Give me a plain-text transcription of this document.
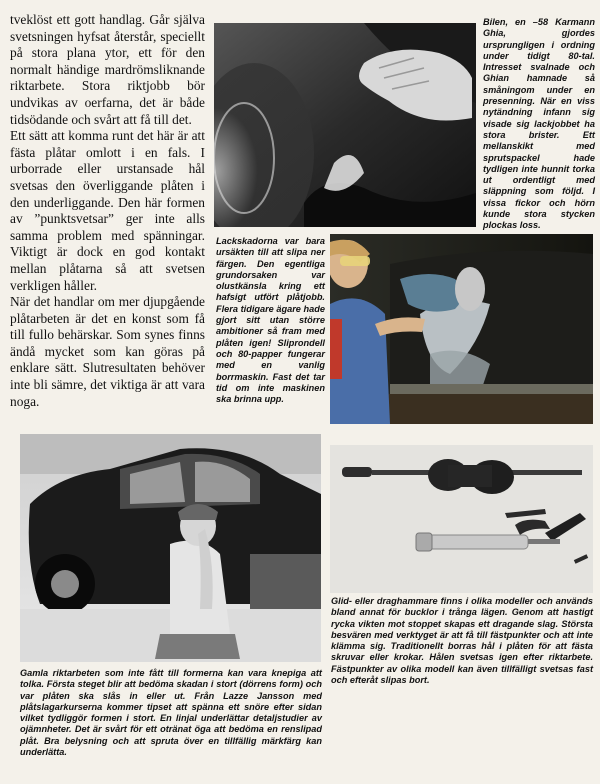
tveklöst ett gott handlag. Går själva svetsningen hyfsat återstår, speciellt på stora plana ytor, ett för den normalt händige mardrömsliknande riktarbete. Stora riktjobb bör undvikas av oerfarna, det är både tidsödande och svårt att få till det.

Ett sätt att komma runt det här är att fästa plåtar omlott i en fals. I urborrade eller urstansade hål svetsas den överliggande plåten i den underliggande. Den här formen av ”punktsvetsar” ger inte alls samma problem med spänningar. Viktigt är dock en god kontakt mellan plåtarna så att svetsen verkligen håller.

När det handlar om mer djupgående plåtarbeten är det en konst som få till fullo behärskar. Som synes finns ändå mycket som kan göras på enklare sätt. Slutresultaten behöver inte bli sämre, det viktiga är att vara noga.

Bilen, en –58 Karmann Ghia, gjordes ursprungligen i ordning under tidigt 80-tal. Intresset svalnade och Ghian hamnade så småningom under en presenning. När en viss nytändning infann sig visade sig lackjobbet ha stora brister. Ett mellanskikt med sprutspackel hade tydligen inte hunnit torka ut ordentligt med släppning som följd. I vissa fickor och hörn kunde stora stycken plockas loss.
Lackskadorna var bara ursäkten till att slipa ner färgen. Den egentliga grundorsaken var olustkänsla kring ett hafsigt utfört plåtjobb. Flera tidigare ägare hade gjort sitt utan större ambitioner så fram med plåten igen! Sliprondell och 80-papper fungerar med en vanlig borrmaskin. Fast det tar tid om inte maskinen ska brinna upp.
Gamla riktarbeten som inte fått till formerna kan vara knepiga att tolka. Första steget blir att bedöma skadan i stort (dörrens form) och var plåten ska slås in eller ut. Från Lazze Jansson med plåtslagarkurserna kommer tipset att spänna ett snöre efter sidan vilket tydliggör formen i stort. En linjal underlättar detaljstudier av ojämnheter. Det är svårt för ett otränat öga att bedöma en renslipad plåt. Bra belysning och att spruta över en tillfällig märkfärg kan underlätta.
Glid- eller draghammare finns i olika modeller och används bland annat för bucklor i trånga lägen. Genom att hastigt rycka vikten mot stoppet skapas ett dragande slag. Största besvären med verktyget är att få till fästpunkter och att inte klämma sig. Traditionellt borras hål i plåten för att fästa skruvar eller krokar. Hålen svetsas igen efter riktarbete. Fästpunkter av olika modell kan även tillfälligt svetsas fast och efteråt slipas bort.
